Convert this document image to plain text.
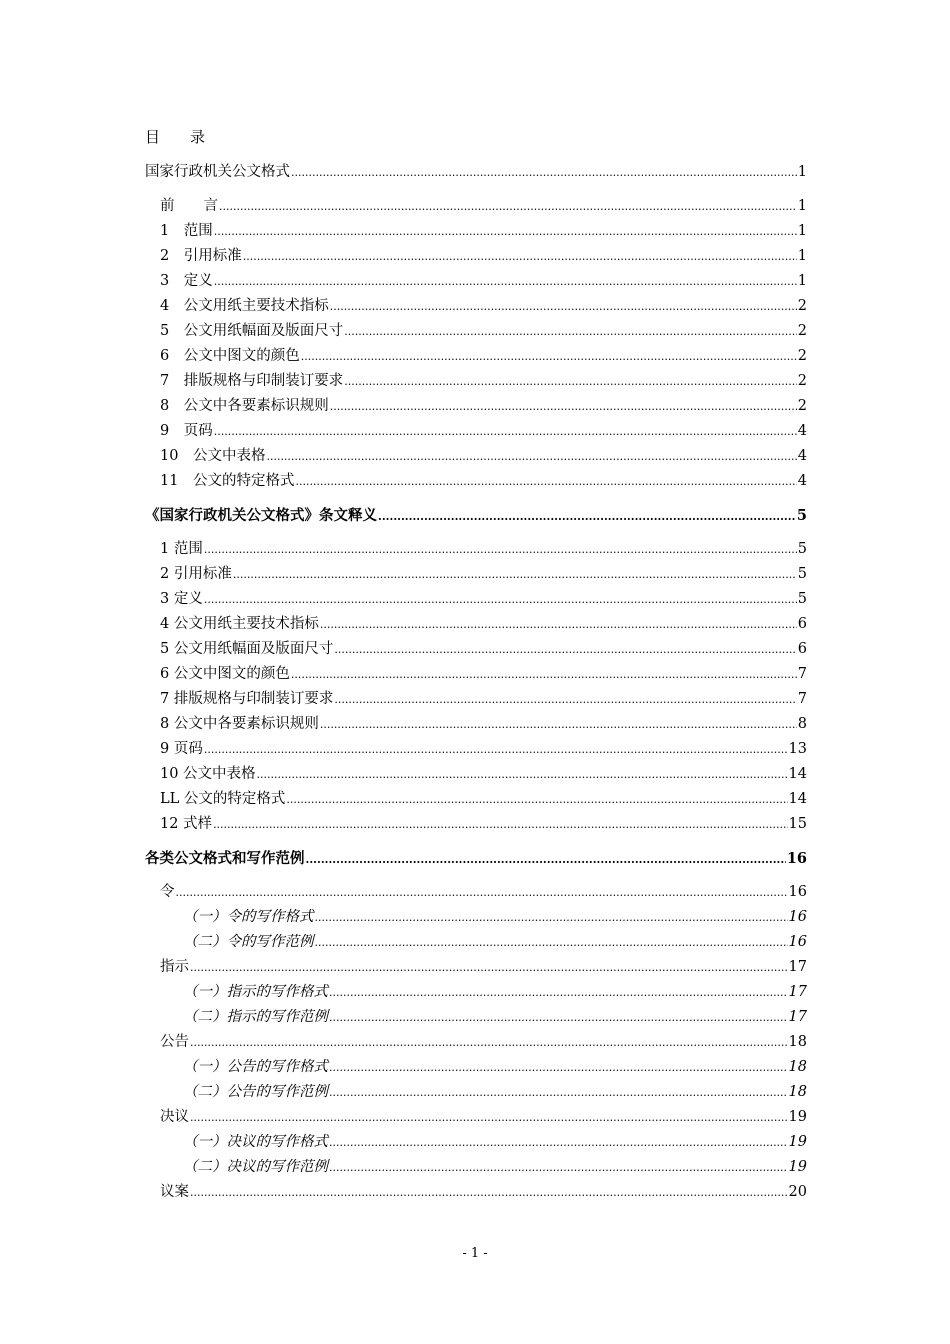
目　　录
国家行政机关公文格式 .....	1
前　　言 .....	1
1　范围 .....	1
2　引用标准 .....	1
3　定义 .....	1
4　公文用纸主要技术指标 .....	2
5　公文用纸幅面及版面尺寸 .....	2
6　公文中图文的颜色 .....	2
7　排版规格与印制装订要求 .....	2
8　公文中各要素标识规则 .....	2
9　页码 .....	4
10　公文中表格 .....	4
11　公文的特定格式 .....	4
《国家行政机关公文格式》条文释义 .....	5
1 范围 .....	5
2 引用标准 .....	5
3 定义 .....	5
4 公文用纸主要技术指标 .....	6
5 公文用纸幅面及版面尺寸 .....	6
6 公文中图文的颜色 .....	7
7 排版规格与印制装订要求 .....	7
8 公文中各要素标识规则 .....	8
9 页码 .....	13
10 公文中表格 .....	14
LL 公文的特定格式 .....	14
12 式样 .....	15
各类公文格式和写作范例 .....	16
令 .....	16
（一）令的写作格式 .....	16
（二）令的写作范例 .....	16
指示 .....	17
（一）指示的写作格式 .....	17
（二）指示的写作范例 .....	17
公告 .....	18
（一）公告的写作格式 .....	18
（二）公告的写作范例 .....	18
决议 .....	19
（一）决议的写作格式 .....	19
（二）决议的写作范例 .....	19
议案 .....	20
- 1 -
